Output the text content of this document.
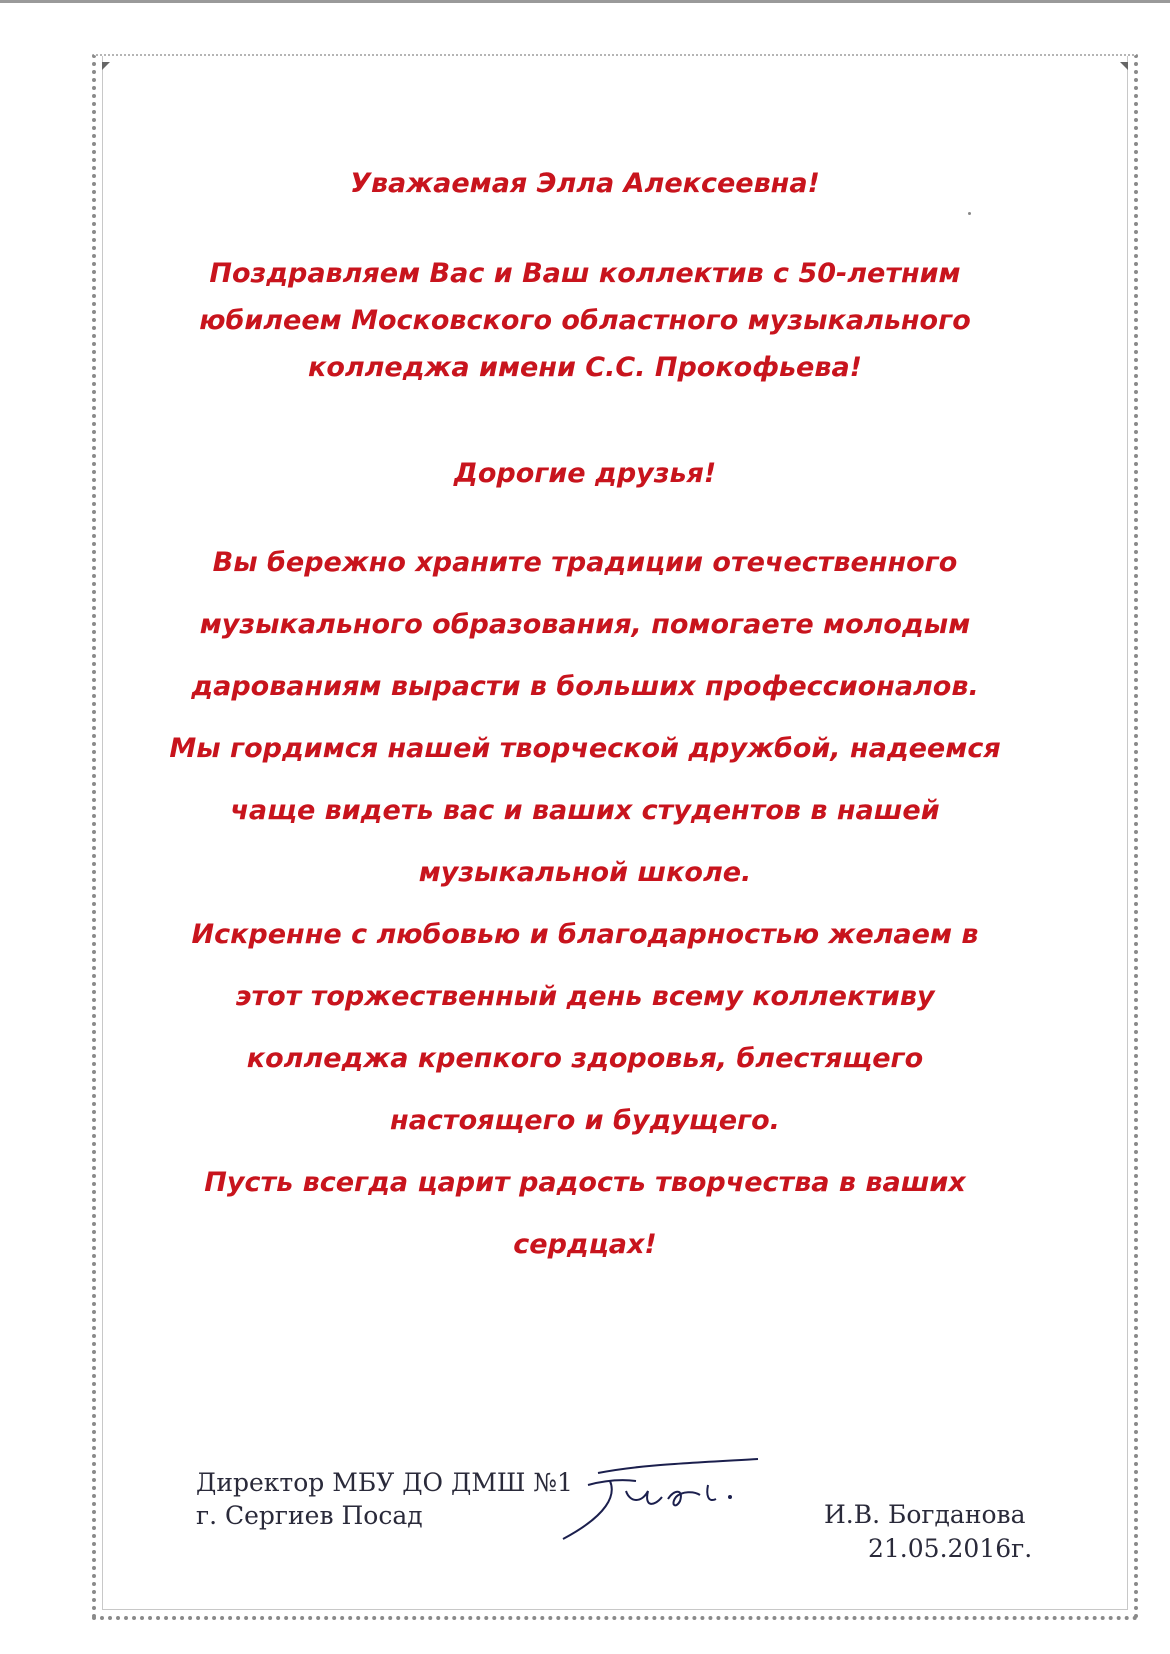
Уважаемая Элла Алексеевна!
Поздравляем Вас и Ваш коллектив с 50-летним
юбилеем Московского областного музыкального
колледжа имени С.С. Прокофьева!
Дорогие друзья!
Вы бережно храните традиции отечественного
музыкального образования, помогаете молодым
дарованиям вырасти в больших профессионалов.
Мы гордимся нашей творческой дружбой, надеемся
чаще видеть вас и ваших студентов в нашей
музыкальной школе.
Искренне с любовью и благодарностью желаем в
этот торжественный день всему коллективу
колледжа крепкого здоровья, блестящего
настоящего и будущего.
Пусть всегда царит радость творчества в ваших
сердцах!
Директор МБУ ДО ДМШ №1
г. Сергиев Посад	И.В. Богданова
21.05.2016г.
